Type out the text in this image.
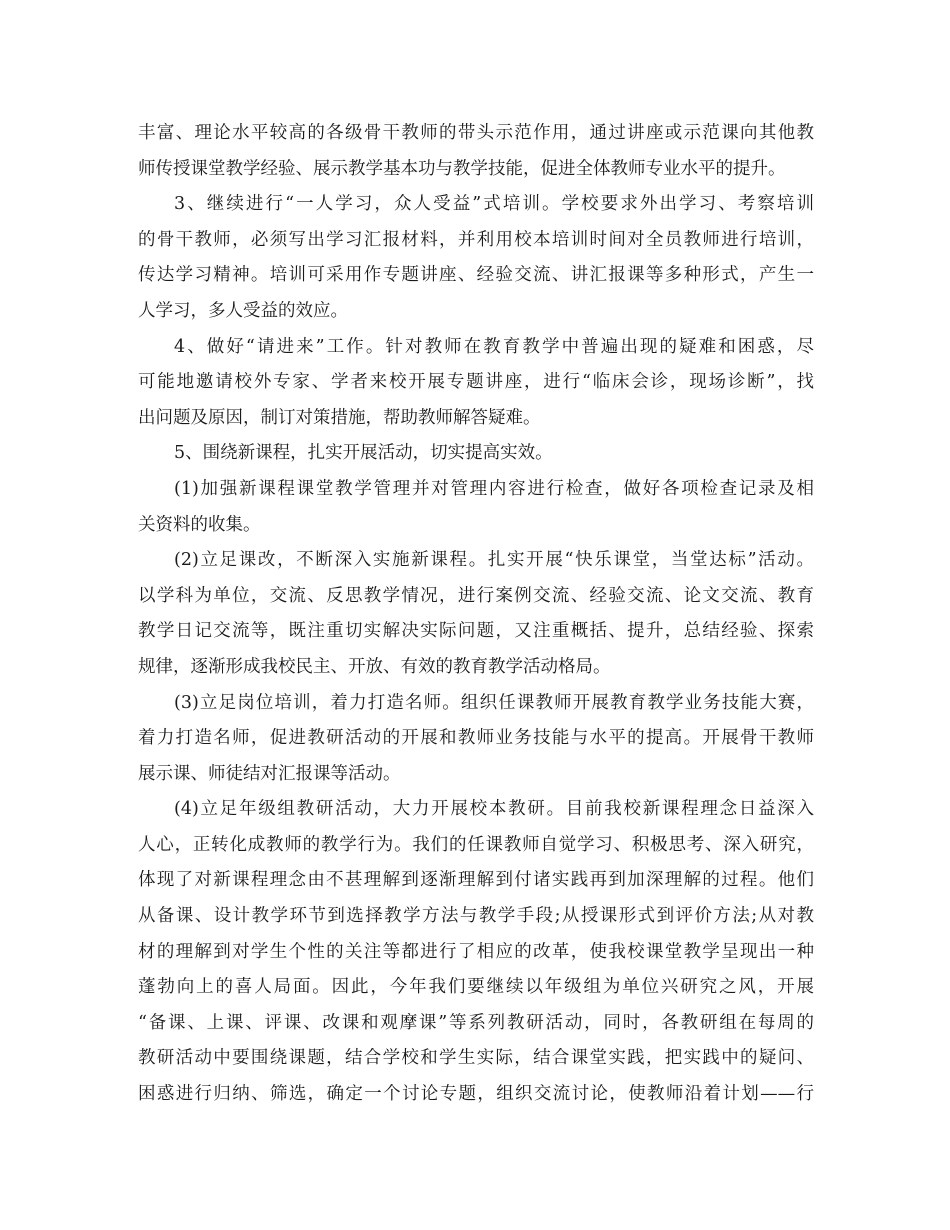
丰富、理论水平较高的各级骨干教师的带头示范作用，通过讲座或示范课向其他教
师传授课堂教学经验、展示教学基本功与教学技能，促进全体教师专业水平的提升。
3、继续进行“一人学习，众人受益”式培训。学校要求外出学习、考察培训
的骨干教师，必须写出学习汇报材料，并利用校本培训时间对全员教师进行培训，
传达学习精神。培训可采用作专题讲座、经验交流、讲汇报课等多种形式，产生一
人学习，多人受益的效应。
4、做好“请进来”工作。针对教师在教育教学中普遍出现的疑难和困惑，尽
可能地邀请校外专家、学者来校开展专题讲座，进行“临床会诊，现场诊断”，找
出问题及原因，制订对策措施，帮助教师解答疑难。
5、围绕新课程，扎实开展活动，切实提高实效。
(1)加强新课程课堂教学管理并对管理内容进行检查，做好各项检查记录及相
关资料的收集。
(2)立足课改，不断深入实施新课程。扎实开展“快乐课堂，当堂达标”活动。
以学科为单位，交流、反思教学情况，进行案例交流、经验交流、论文交流、教育
教学日记交流等，既注重切实解决实际问题，又注重概括、提升，总结经验、探索
规律，逐渐形成我校民主、开放、有效的教育教学活动格局。
(3)立足岗位培训，着力打造名师。组织任课教师开展教育教学业务技能大赛，
着力打造名师，促进教研活动的开展和教师业务技能与水平的提高。开展骨干教师
展示课、师徒结对汇报课等活动。
(4)立足年级组教研活动，大力开展校本教研。目前我校新课程理念日益深入
人心，正转化成教师的教学行为。我们的任课教师自觉学习、积极思考、深入研究，
体现了对新课程理念由不甚理解到逐渐理解到付诸实践再到加深理解的过程。他们
从备课、设计教学环节到选择教学方法与教学手段;从授课形式到评价方法;从对教
材的理解到对学生个性的关注等都进行了相应的改革，使我校课堂教学呈现出一种
蓬勃向上的喜人局面。因此，今年我们要继续以年级组为单位兴研究之风，开展
“备课、上课、评课、改课和观摩课”等系列教研活动，同时，各教研组在每周的
教研活动中要围绕课题，结合学校和学生实际，结合课堂实践，把实践中的疑问、
困惑进行归纳、筛选，确定一个讨论专题，组织交流讨论，使教师沿着计划——行
